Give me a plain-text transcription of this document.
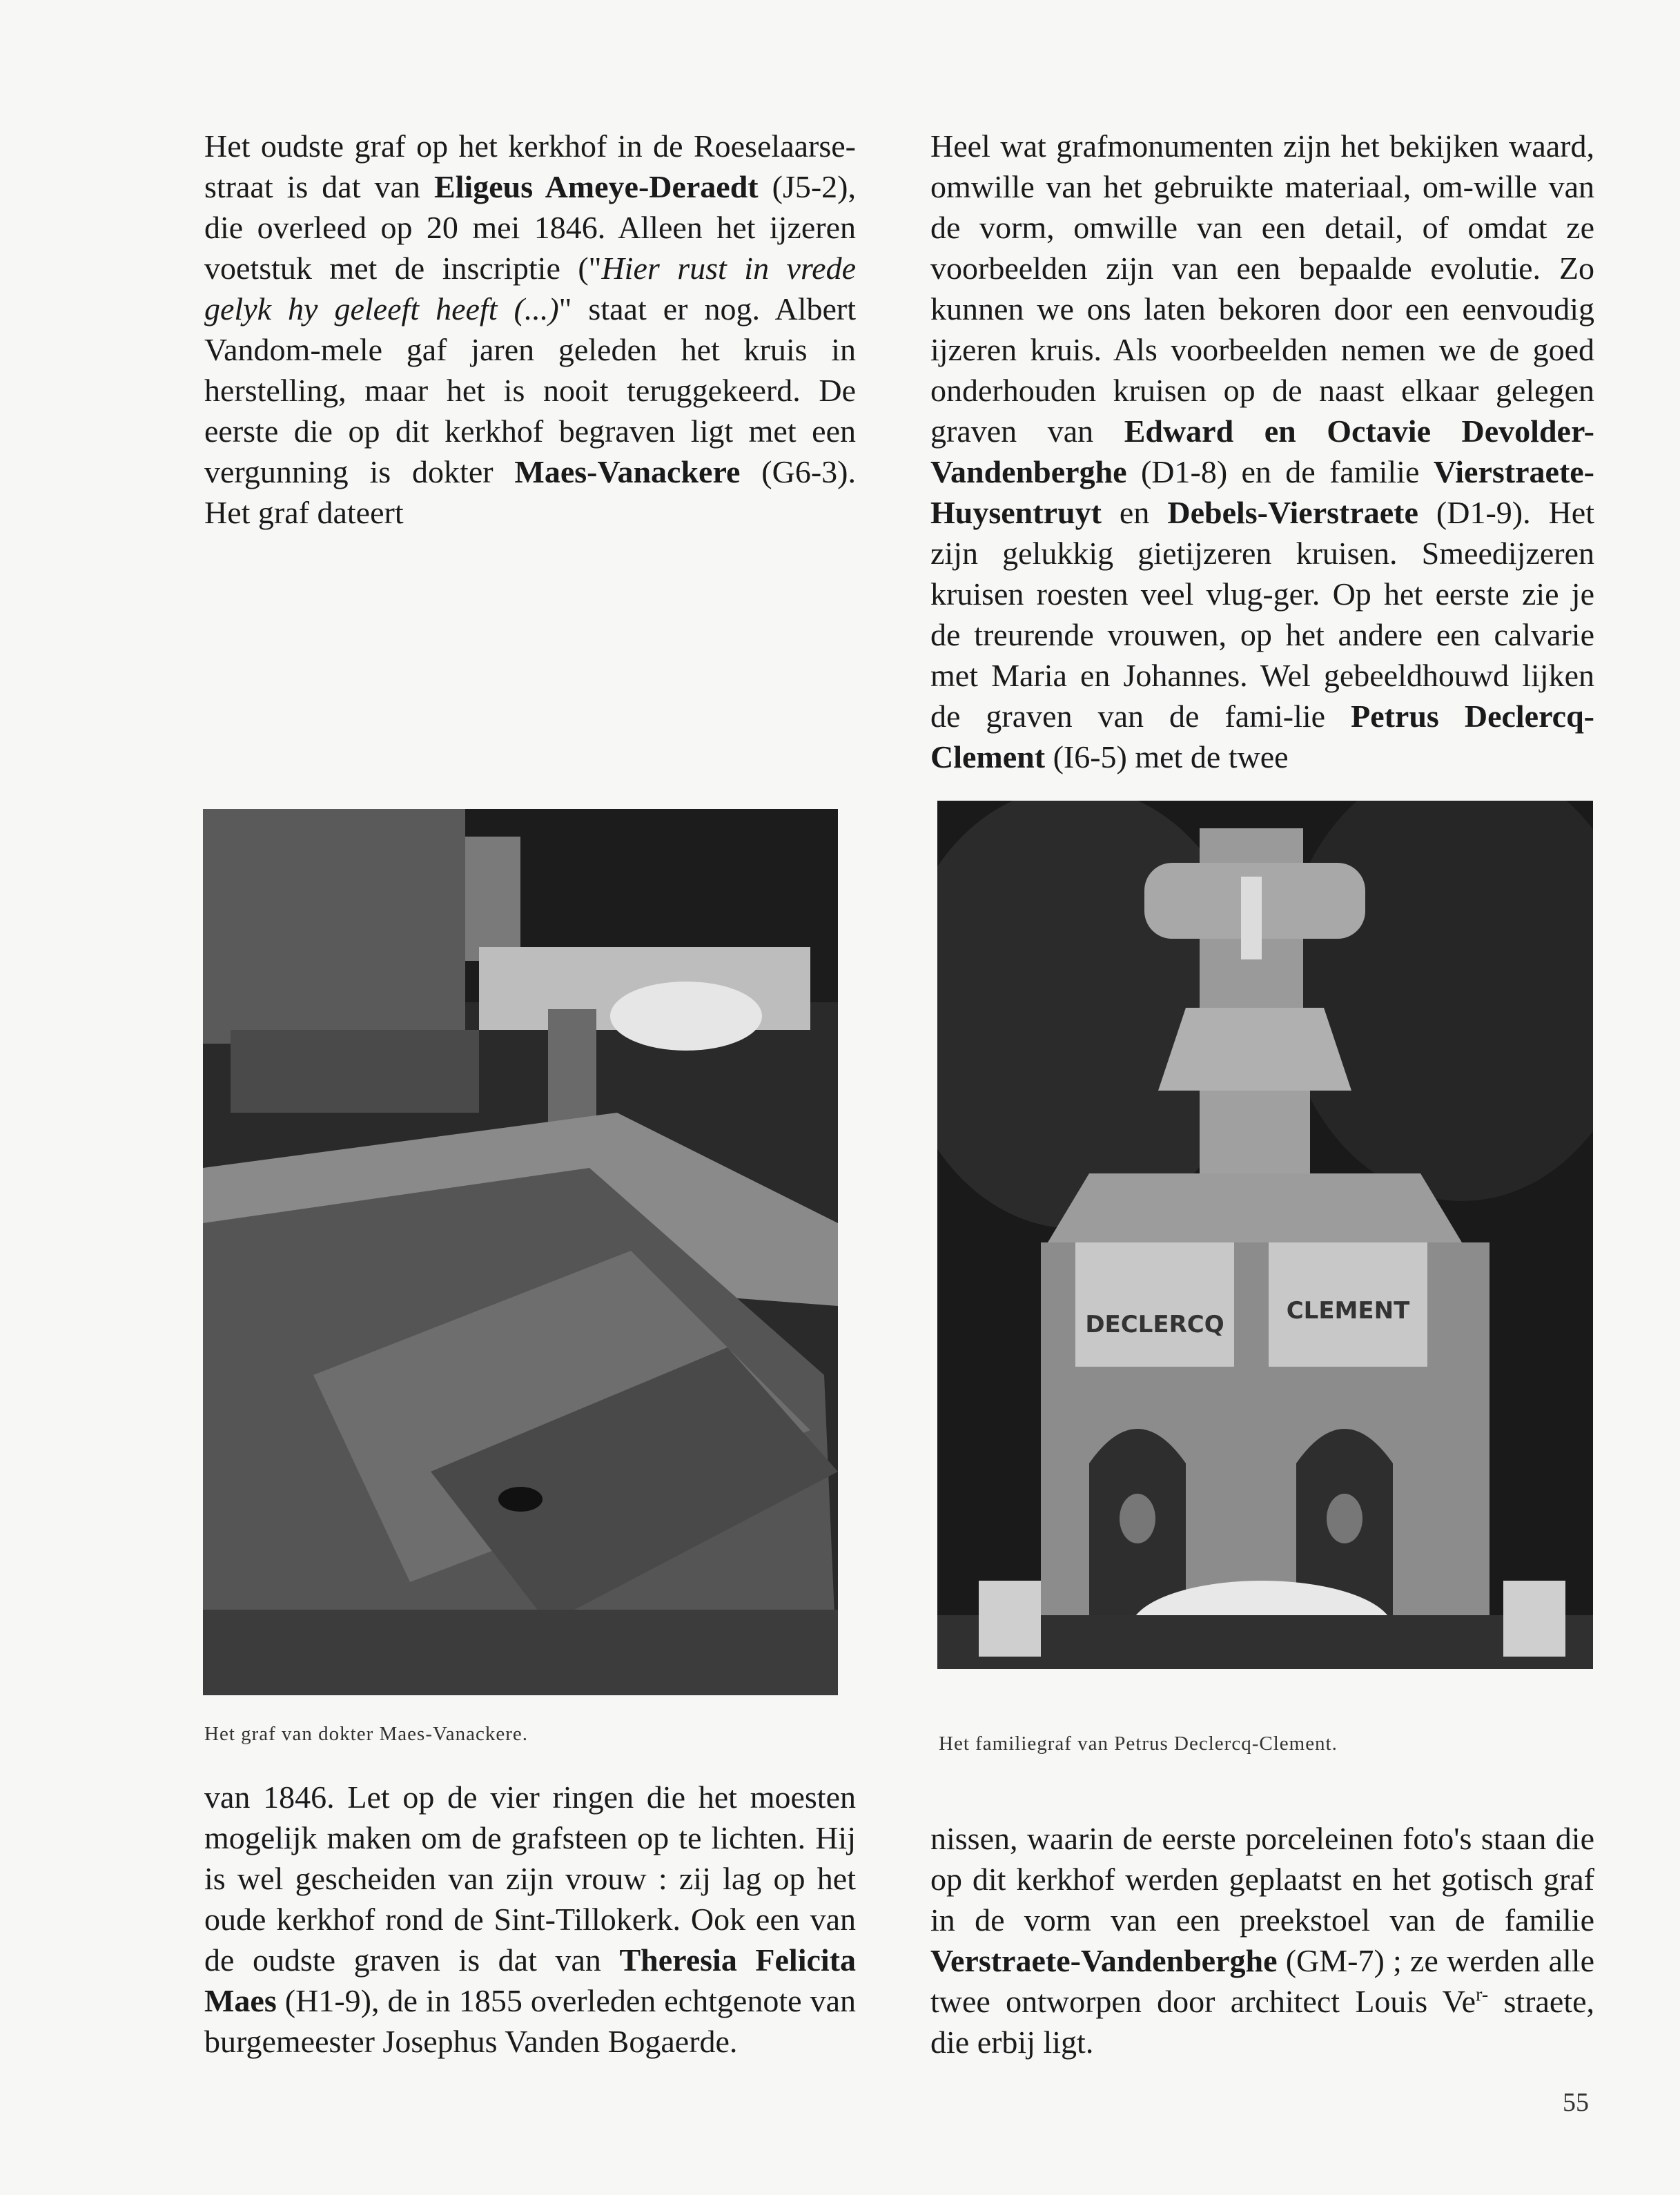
Het oudste graf op het kerkhof in de Roeselaarse-straat is dat van Eligeus Ameye-Deraedt (J5-2), die overleed op 20 mei 1846. Alleen het ijzeren voetstuk met de inscriptie ("Hier rust in vrede gelyk hy geleeft heeft (...)" staat er nog. Albert Vandom-mele gaf jaren geleden het kruis in herstelling, maar het is nooit teruggekeerd. De eerste die op dit kerkhof begraven ligt met een vergunning is dokter Maes-Vanackere (G6-3). Het graf dateert

Heel wat grafmonumenten zijn het bekijken waard, omwille van het gebruikte materiaal, om-wille van de vorm, omwille van een detail, of omdat ze voorbeelden zijn van een bepaalde evolutie. Zo kunnen we ons laten bekoren door een eenvoudig ijzeren kruis. Als voorbeelden nemen we de goed onderhouden kruisen op de naast elkaar gelegen graven van Edward en Octavie Devolder-Vandenberghe (D1-8) en de familie Vierstraete-Huysentruyt en Debels-Vierstraete (D1-9). Het zijn gelukkig gietijzeren kruisen. Smeedijzeren kruisen roesten veel vlug-ger. Op het eerste zie je de treurende vrouwen, op het andere een calvarie met Maria en Johannes. Wel gebeeldhouwd lijken de graven van de fami-lie Petrus Declercq-Clement (I6-5) met de twee

Het graf van dokter Maes-Vanackere.
DECLERCQ	CLEMENT
Het familiegraf van Petrus Declercq-Clement.

van 1846. Let op de vier ringen die het moesten mogelijk maken om de grafsteen op te lichten. Hij is wel gescheiden van zijn vrouw : zij lag op het oude kerkhof rond de Sint-Tillokerk. Ook een van de oudste graven is dat van Theresia Felicita Maes (H1-9), de in 1855 overleden echtgenote van burgemeester Josephus Vanden Bogaerde.

nissen, waarin de eerste porceleinen foto's staan die op dit kerkhof werden geplaatst en het gotisch graf in de vorm van een preekstoel van de familie Verstraete-Vandenberghe (GM-7) ; ze werden alle twee ontworpen door architect Louis $Ve^{r-}$ straete, die erbij ligt.

55
